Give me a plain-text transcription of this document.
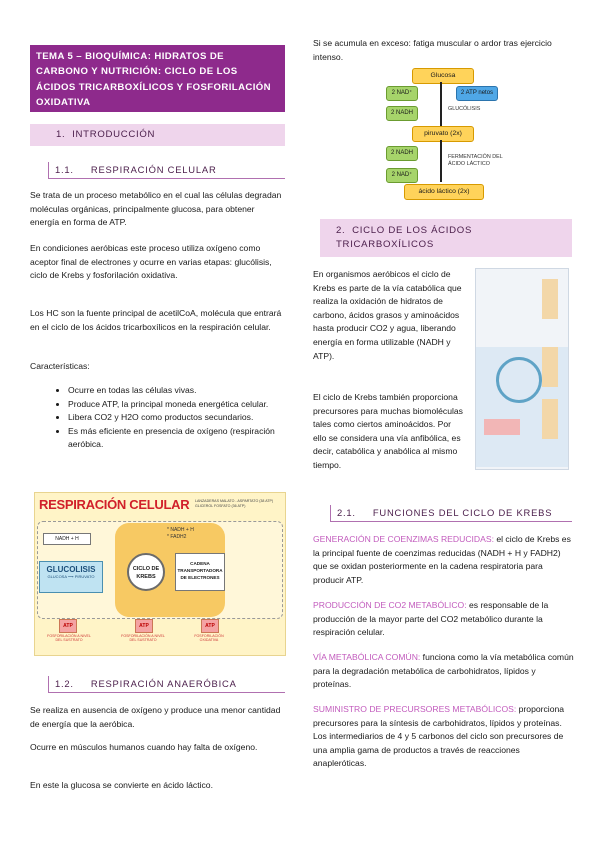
TEMA 5 – BIOQUÍMICA: HIDRATOS DE CARBONO Y NUTRICIÓN: CICLO DE LOS ÁCIDOS TRICARBOXÍLICOS Y FOSFORILACIÓN OXIDATIVA
1. INTRODUCCIÓN
1.1. RESPIRACIÓN CELULAR

Se trata de un proceso metabólico en el cual las células degradan moléculas orgánicas, principalmente glucosa, para obtener energía en forma de ATP.

En condiciones aeróbicas este proceso utiliza oxígeno como aceptor final de electrones y ocurre en varias etapas: glucólisis, ciclo de Krebs y fosforilación oxidativa.

Los HC son la fuente principal de acetilCoA, molécula que entrará en el ciclo de los ácidos tricarboxílicos en la respiración celular.

Características:

• Ocurre en todas las células vivas.
• Produce ATP, la principal moneda energética celular.
• Libera CO2 y H2O como productos secundarios.
• Es más eficiente en presencia de oxígeno (respiración aeróbica.
RESPIRACIÓN CELULAR LANZADERAS MALATO - ASPARTATO (38 ATP) GLICEROL FOSFATO (36 ATP)
NADH + H
GLUCOLISIS
GLUCOSA ⟶ PIRUVATO
* NADH + H
* FADH2
CICLO DE KREBS
CADENA TRANSPORTADORA DE ELECTRONES
ATP	ATP	ATP
FOSFORILACIÓN A NIVEL DEL SUSTRATO
FOSFORILACIÓN A NIVEL DEL SUSTRATO
FOSFORILACIÓN OXIDATIVA
1.2. RESPIRACIÓN ANAERÓBICA

Se realiza en ausencia de oxígeno y produce una menor cantidad de energía que la aeróbica.

Ocurre en músculos humanos cuando hay falta de oxígeno.

En este la glucosa se convierte en ácido láctico.

Si se acumula en exceso: fatiga muscular o ardor tras ejercicio intenso.

Glucosa
2 NAD⁺
2 NADH
2 ATP netos
GLUCÓLISIS
piruvato (2x)
2 NADH
2 NAD⁺
FERMENTACIÓN DEL ÁCIDO LÁCTICO
ácido láctico (2x)
2. CICLO DE LOS ÁCIDOS TRICARBOXÍLICOS

En organismos aeróbicos el ciclo de Krebs es parte de la vía catabólica que realiza la oxidación de hidratos de carbono, ácidos grasos y aminoácidos hasta producir CO2 y agua, liberando energía en forma utilizable (NADH y ATP).

El ciclo de Krebs también proporciona precursores para muchas biomoléculas tales como ciertos aminoácidos. Por ello se considera una vía anfibólica, es decir, catabólica y anabólica al mismo tiempo.

2.1. FUNCIONES DEL CICLO DE KREBS

GENERACIÓN DE COENZIMAS REDUCIDAS: el ciclo de Krebs es la principal fuente de coenzimas reducidas (NADH + H y FADH2) que se oxidan posteriormente en la cadena respiratoria para producir ATP.

PRODUCCIÓN DE CO2 METABÓLICO: es responsable de la producción de la mayor parte del CO2 metabólico durante la respiración celular.

VÍA METABÓLICA COMÚN: funciona como la vía metabólica común para la degradación metabólica de carbohidratos, lípidos y proteínas.

SUMINISTRO DE PRECURSORES METABÓLICOS: proporciona precursores para la síntesis de carbohidratos, lípidos y proteínas. Los intermediarios de 4 y 5 carbonos del ciclo son precursores de una amplia gama de productos a través de reacciones anapleróticas.
